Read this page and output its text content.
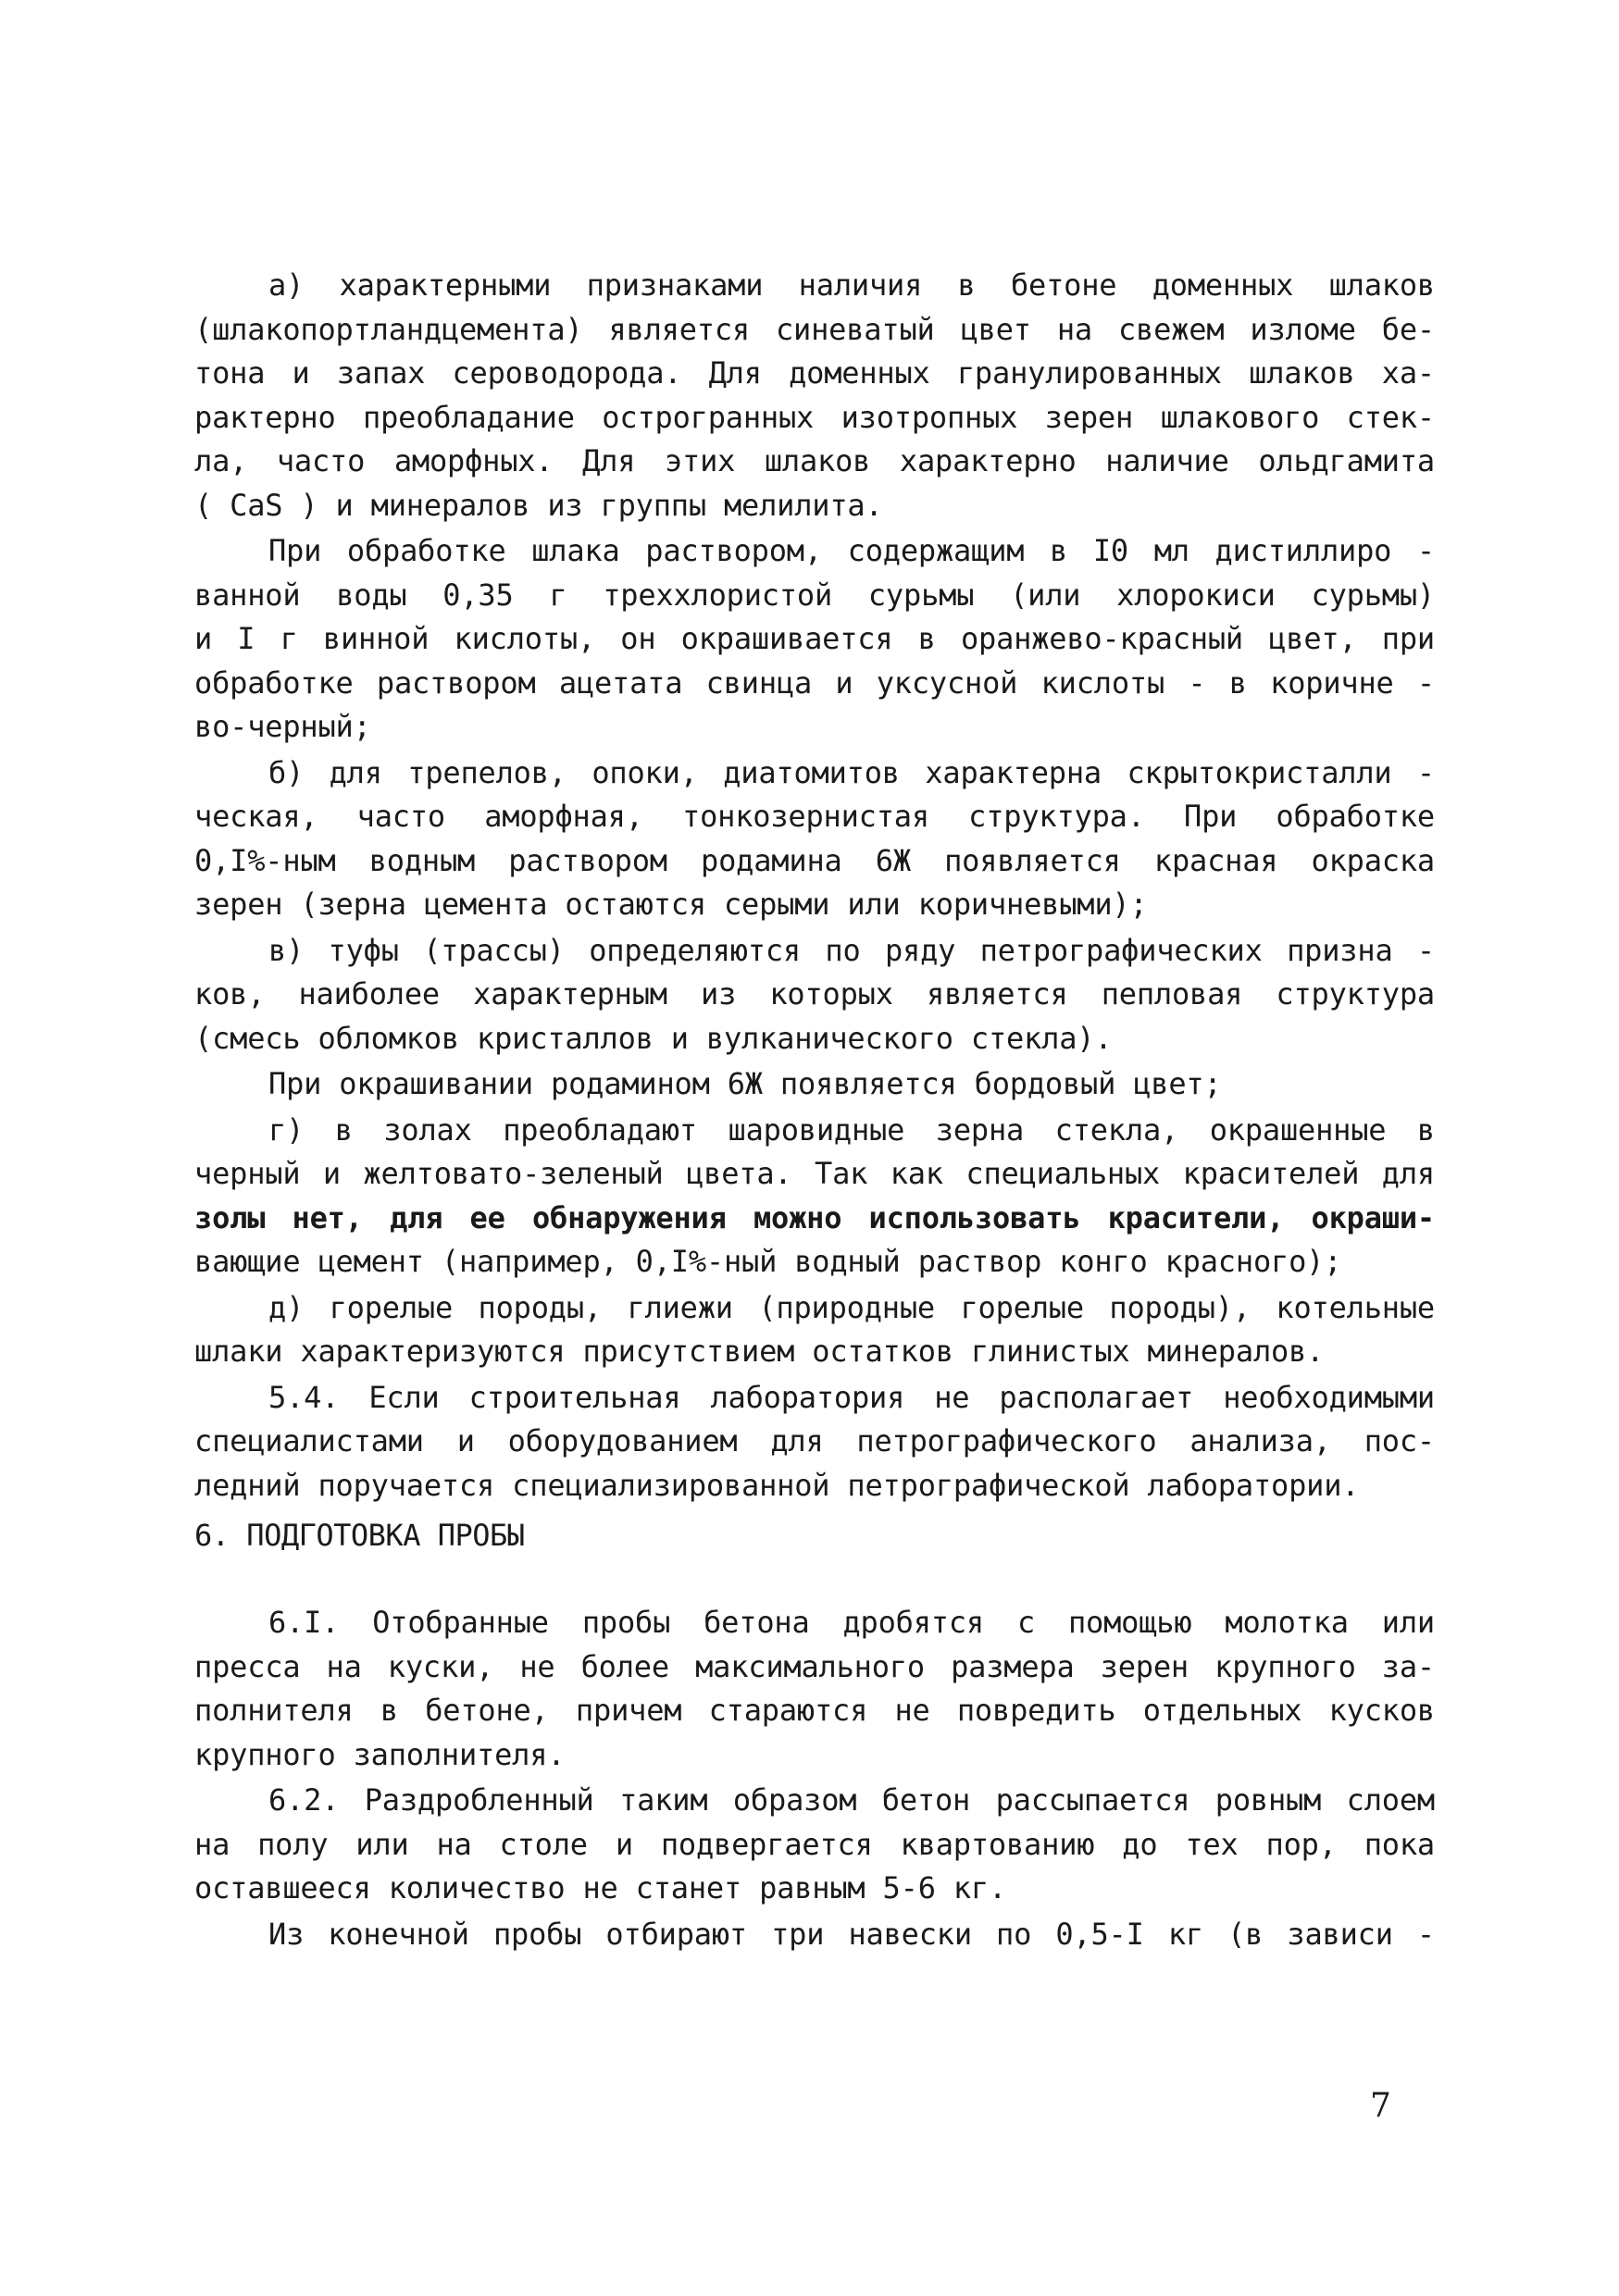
а) характерными признаками наличия в бетоне доменных шлаков
(шлакопортландцемента) является синеватый цвет на свежем изломе бе-
тона и запах сероводорода. Для доменных гранулированных шлаков ха-
рактерно преобладание острогранных изотропных зерен шлакового стек-
ла, часто аморфных. Для этих шлаков характерно наличие ольдгамита
( CaS ) и минералов из группы мелилита.
При обработке шлака раствором, содержащим в I0 мл дистиллиро -
ванной воды 0,35 г трехxлористой сурьмы (или хлорокиси сурьмы)
и I г винной кислоты, он окрашивается в оранжево-красный цвет, при
обработке раствором ацетата свинца и уксусной кислоты - в коричне -
во-черный;
б) для трепелов, опоки, диатомитов характерна скрытокристалли -
ческая, часто аморфная, тонкозернистая структура. При обработке
0,I%-ным водным раствором родамина 6Ж появляется красная окраска
зерен (зерна цемента остаются серыми или коричневыми);
в) туфы (трассы) определяются по ряду петрографических призна -
ков, наиболее характерным из которых является пепловая структура
(смесь обломков кристаллов и вулканического стекла).
При окрашивании родамином 6Ж появляется бордовый цвет;
г) в золах преобладают шаровидные зерна стекла, окрашенные в
черный и желтовато-зеленый цвета. Так как специальных красителей для
золы нет, для ее обнаружения можно использовать красители, окраши-
вающие цемент (например, 0,I%-ный водный раствор конго красного);
д) горелые породы, глиежи (природные горелые породы), котельные
шлаки характеризуются присутствием остатков глинистых минералов.
5.4. Если строительная лаборатория не располагает необходимыми
специалистами и оборудованием для петрографического анализа, пос-
ледний поручается специализированной петрографической лаборатории.
6. ПОДГОТОВКА ПРОБЫ
6.I. Отобранные пробы бетона дробятся с помощью молотка или
пресса на куски, не более максимального размера зерен крупного за-
полнителя в бетоне, причем стараются не повредить отдельных кусков
крупного заполнителя.
6.2. Раздробленный таким образом бетон рассыпается ровным слоем
на полу или на столе и подвергается квартованию до тех пор, пока
оставшееся количество не станет равным 5-6 кг.
Из конечной пробы отбирают три навески по 0,5-I кг (в зависи -
7
